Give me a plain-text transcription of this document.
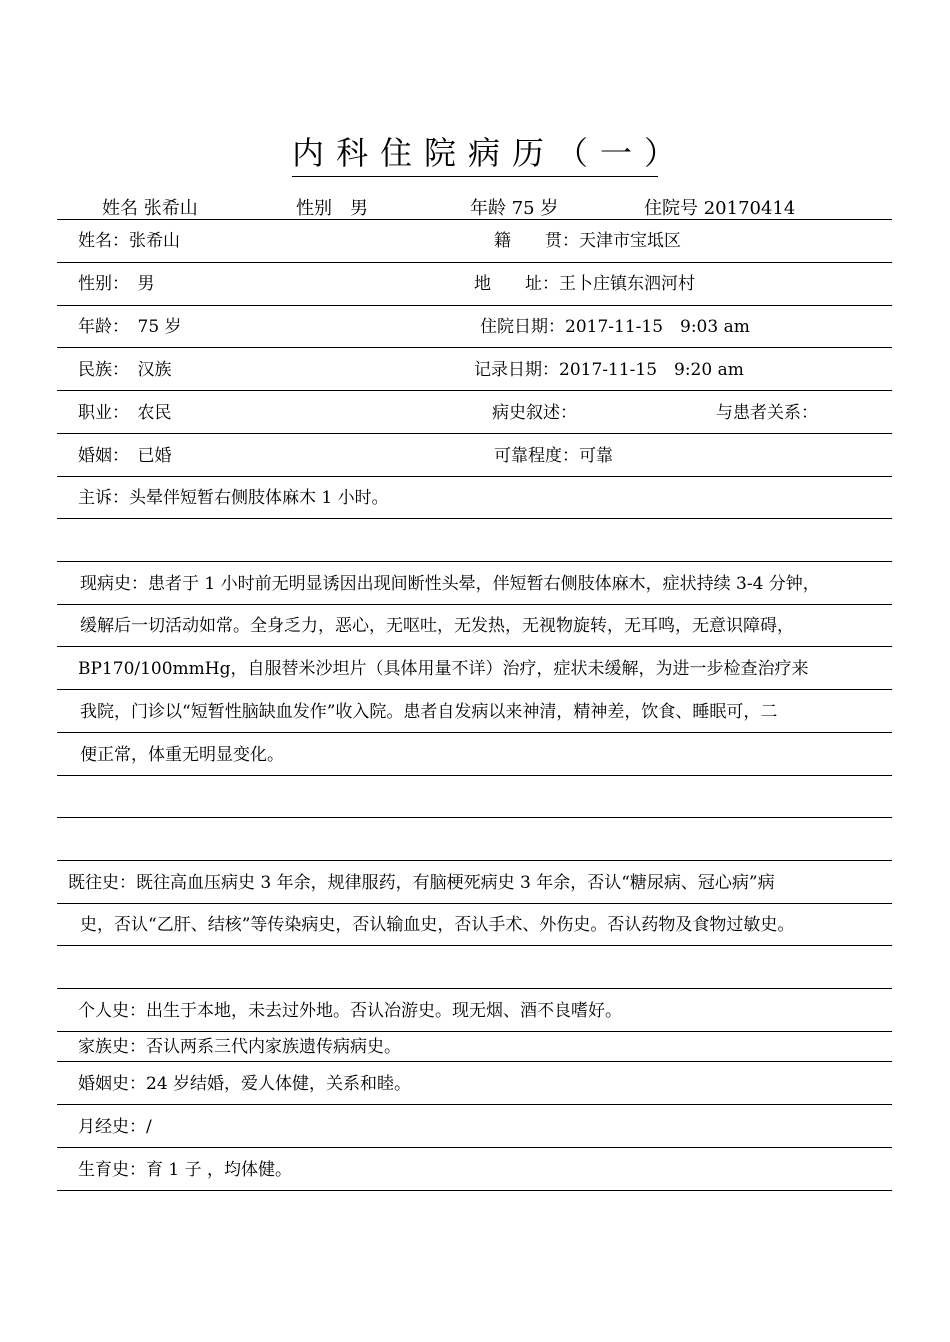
内科住院病历（一）
姓名 张希山	性别　男	年龄 75 岁	住院号 20170414
姓名：张希山	籍　　贯：天津市宝坻区
性别：　男	地　　址：王卜庄镇东泗河村
年龄：　75 岁	住院日期：2017-11-15　9:03 am
民族：　汉族	记录日期：2017-11-15　9:20 am
职业：　农民	病史叙述：	与患者关系：
婚姻：　已婚	可靠程度：可靠
主诉：头晕伴短暂右侧肢体麻木 1 小时。
现病史：患者于 1 小时前无明显诱因出现间断性头晕，伴短暂右侧肢体麻木，症状持续 3-4 分钟，
缓解后一切活动如常。全身乏力，恶心，无呕吐，无发热，无视物旋转，无耳鸣，无意识障碍，
BP170/100mmHg，自服替米沙坦片（具体用量不详）治疗，症状未缓解，为进一步检查治疗来
我院，门诊以“短暂性脑缺血发作”收入院。患者自发病以来神清，精神差，饮食、睡眠可，二
便正常，体重无明显变化。
既往史：既往高血压病史 3 年余，规律服药，有脑梗死病史 3 年余，否认“糖尿病、冠心病”病
史，否认“乙肝、结核”等传染病史，否认输血史，否认手术、外伤史。否认药物及食物过敏史。
个人史：出生于本地，未去过外地。否认冶游史。现无烟、酒不良嗜好。
家族史：否认两系三代内家族遗传病病史。
婚姻史：24 岁结婚，爱人体健，关系和睦。
月经史：/
生育史：育 1 子 ，均体健。
